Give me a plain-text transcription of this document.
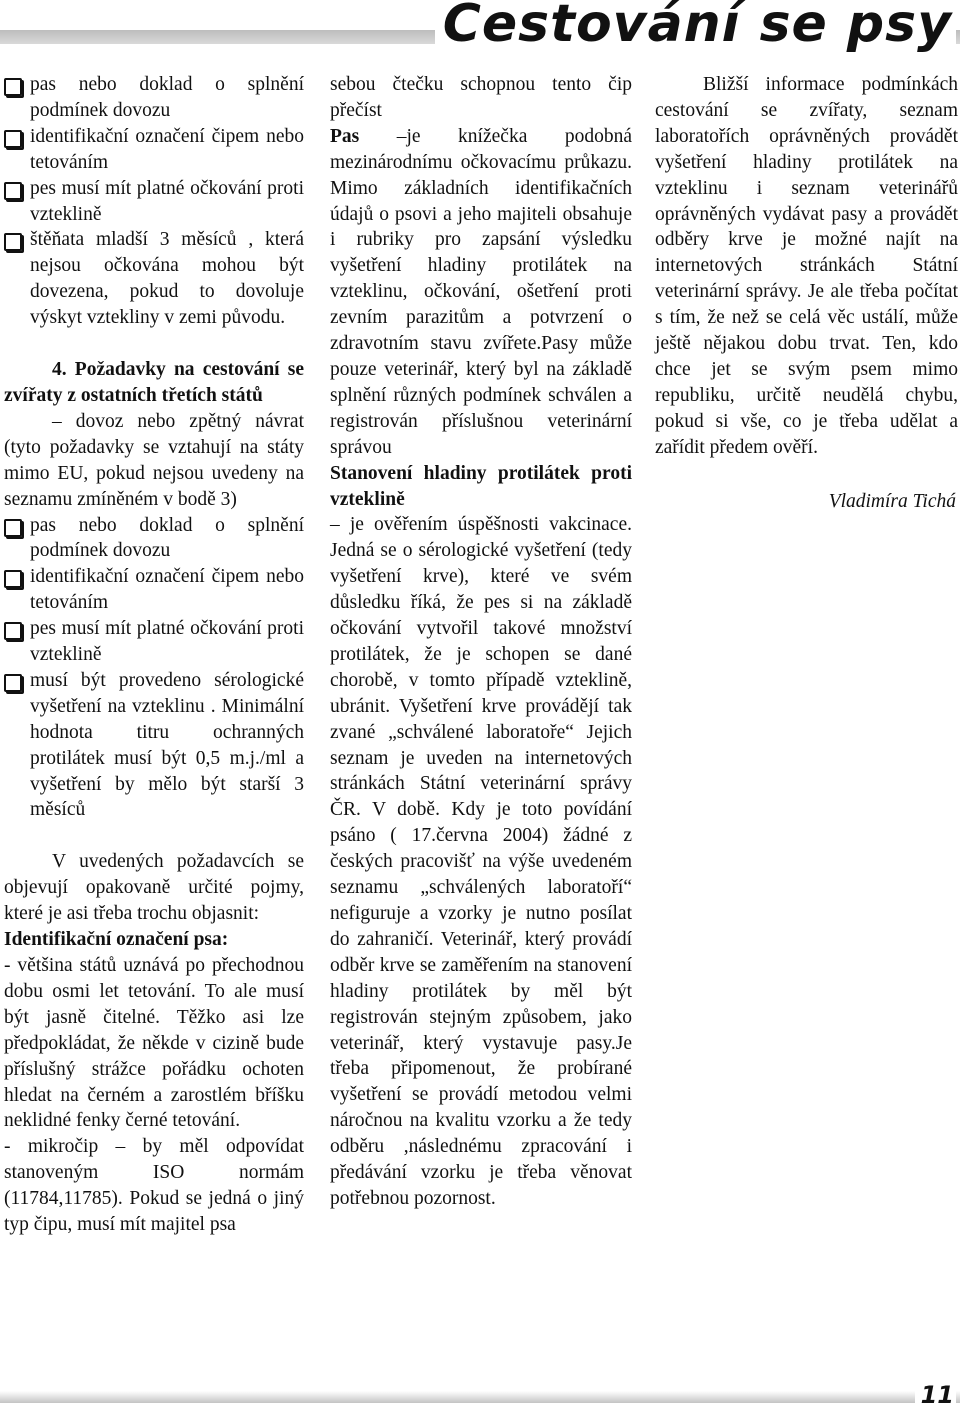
Cestování se psy

pas nebo doklad o splnění podmínek dovozu

identifikační označení čipem nebo tetováním

pes musí mít platné očkování proti vzteklině

štěňata mladší 3 měsíců , která nejsou očkována mohou být dovezena, pokud to dovoluje výskyt vztekliny v zemi původu.

4. Požadavky na cestování se zvířaty z ostatních třetích států

– dovoz nebo zpětný návrat (tyto požadavky se vztahují na státy mimo EU, pokud nejsou uvedeny na seznamu zmíněném v bodě 3)

pas nebo doklad o splnění podmínek dovozu

identifikační označení čipem nebo tetováním

pes musí mít platné očkování proti vzteklině

musí být provedeno sérologické vyšetření na vzteklinu . Minimální hodnota titru ochranných protilátek musí být 0,5 m.j./ml a vyšetření by mělo být starší 3 měsíců

V uvedených požadavcích se objevují opakovaně určité pojmy, které je asi třeba trochu objasnit:

Identifikační označení psa:

- většina států uznává po přechodnou dobu osmi let tetování. To ale musí být jasně čitelné. Těžko asi lze předpokládat, že někde v cizině bude příslušný strážce pořádku ochoten hledat na černém a zarostlém bříšku neklidné fenky černé tetování.

- mikročip – by měl odpovídat stanoveným ISO normám (11784,11785). Pokud se jedná o jiný typ čipu, musí mít majitel psa

sebou čtečku schopnou tento čip přečíst

Pas –je knížečka podobná mezinárodnímu očkovacímu průkazu. Mimo základních identifikačních údajů o psovi a jeho majiteli obsahuje i rubriky pro zapsání výsledku vyšetření hladiny protilátek na vzteklinu, očkování, ošetření proti zevním parazitům a potvrzení o zdravotním stavu zvířete.Pasy může pouze veterinář, který byl na základě splnění různých podmínek schválen a registrován příslušnou veterinární správou

Stanovení hladiny protilátek proti vzteklině

– je ověřením úspěšnosti vakcinace. Jedná se o sérologické vyšetření (tedy vyšetření krve), které ve svém důsledku říká, že pes si na základě očkování vytvořil takové množství protilátek, že je schopen se dané chorobě, v tomto případě vzteklině, ubránit. Vyšetření krve provádějí tak zvané „schválené laboratoře“ Jejich seznam je uveden na internetových stránkách Státní veterinární správy ČR. V době. Kdy je toto povídání psáno ( 17.června 2004) žádné z českých pracovišť na výše uvedeném seznamu „schválených laboratoří“ nefiguruje a vzorky je nutno posílat do zahraničí. Veterinář, který provádí odběr krve se zaměřením na stanovení hladiny protilátek by měl být registrován stejným způsobem, jako veterinář, který vystavuje pasy.Je třeba připomenout, že probírané vyšetření se provádí metodou velmi náročnou na kvalitu vzorku a že tedy odběru ,následnému zpracování i předávání vzorku je třeba věnovat potřebnou pozornost.

Bližší informace podmínkách cestování se zvířaty, seznam laboratořích oprávněných provádět vyšetření hladiny protilátek na vzteklinu i seznam veterinářů oprávněných vydávat pasy a provádět odběry krve je možné najít na internetových stránkách Státní veterinární správy. Je ale třeba počítat s tím, že než se celá věc ustálí, může ještě nějakou dobu trvat. Ten, kdo chce jet se svým psem mimo republiku, určitě neudělá chybu, pokud si vše, co je třeba udělat a zařídit předem ověří.

Vladimíra Tichá

11
